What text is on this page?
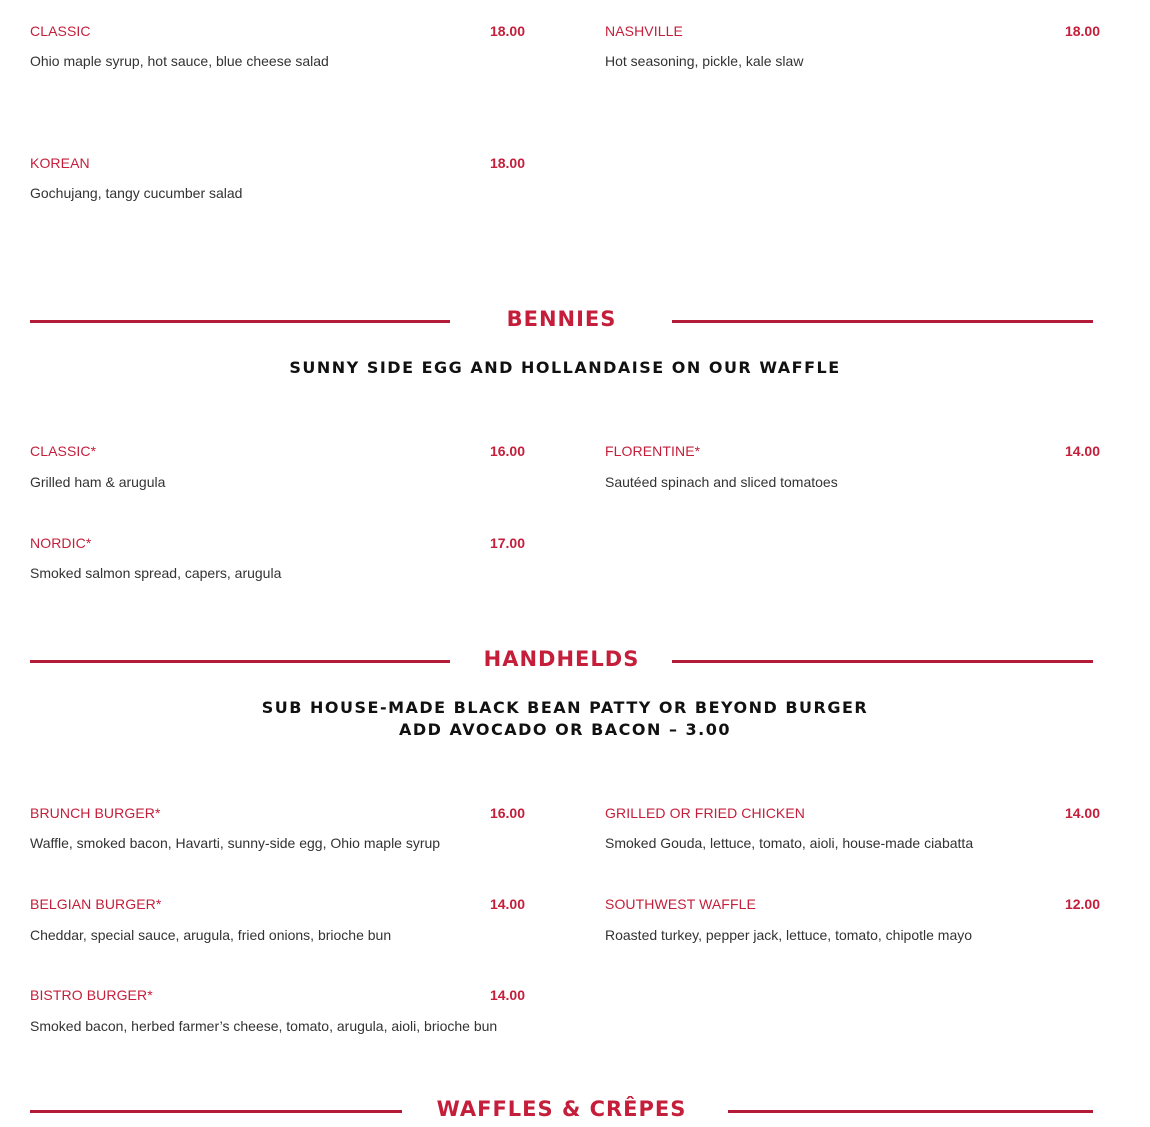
CLASSIC	18.00
Ohio maple syrup, hot sauce, blue cheese salad
NASHVILLE	18.00
Hot seasoning, pickle, kale slaw
KOREAN	18.00
Gochujang, tangy cucumber salad
BENNIES
SUNNY SIDE EGG AND HOLLANDAISE ON OUR WAFFLE
CLASSIC*	16.00
Grilled ham & arugula
FLORENTINE*	14.00
Sautéed spinach and sliced tomatoes
NORDIC*	17.00
Smoked salmon spread, capers, arugula
HANDHELDS
SUB HOUSE-MADE BLACK BEAN PATTY OR BEYOND BURGER
ADD AVOCADO OR BACON – 3.00
BRUNCH BURGER*	16.00
Waffle, smoked bacon, Havarti, sunny-side egg, Ohio maple syrup
GRILLED OR FRIED CHICKEN	14.00
Smoked Gouda, lettuce, tomato, aioli, house-made ciabatta
BELGIAN BURGER*	14.00
Cheddar, special sauce, arugula, fried onions, brioche bun
SOUTHWEST WAFFLE	12.00
Roasted turkey, pepper jack, lettuce, tomato, chipotle mayo
BISTRO BURGER*	14.00
Smoked bacon, herbed farmer’s cheese, tomato, arugula, aioli, brioche bun
WAFFLES & CRÊPES
